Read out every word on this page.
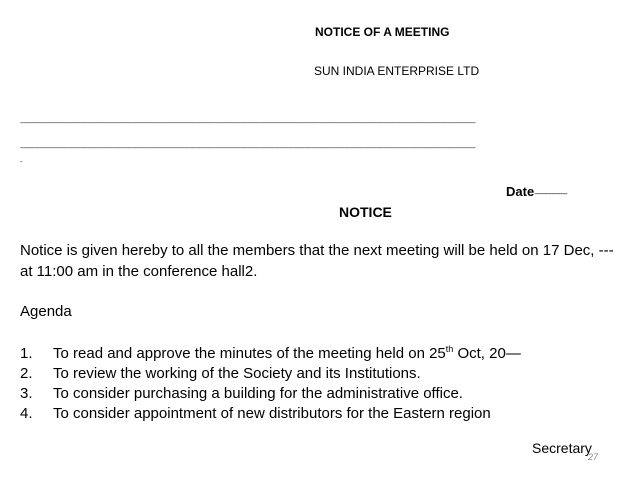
NOTICE OF A MEETING
SUN INDIA ENTERPRISE LTD
-----------------------------------------------------------------------------------------------------------------------------------------------------------------------------------------------------------------------------------------------------------------------
-----------------------------------------------------------------------------------------------------------------------------------------------------------------------------------------------------------------------------------------------------------------------
-
Date-------------------
NOTICE
Notice is given hereby to all the members that the next meeting will be held on 17 Dec, --- at 11:00 am in the conference hall2.
Agenda
1.	To read and approve the minutes of the meeting held on 25th Oct, 20—
2.	To review the working of the Society and its Institutions.
3.	To consider purchasing a building for the administrative office.
4.	To consider appointment of new distributors for the Eastern region
Secretary
27
